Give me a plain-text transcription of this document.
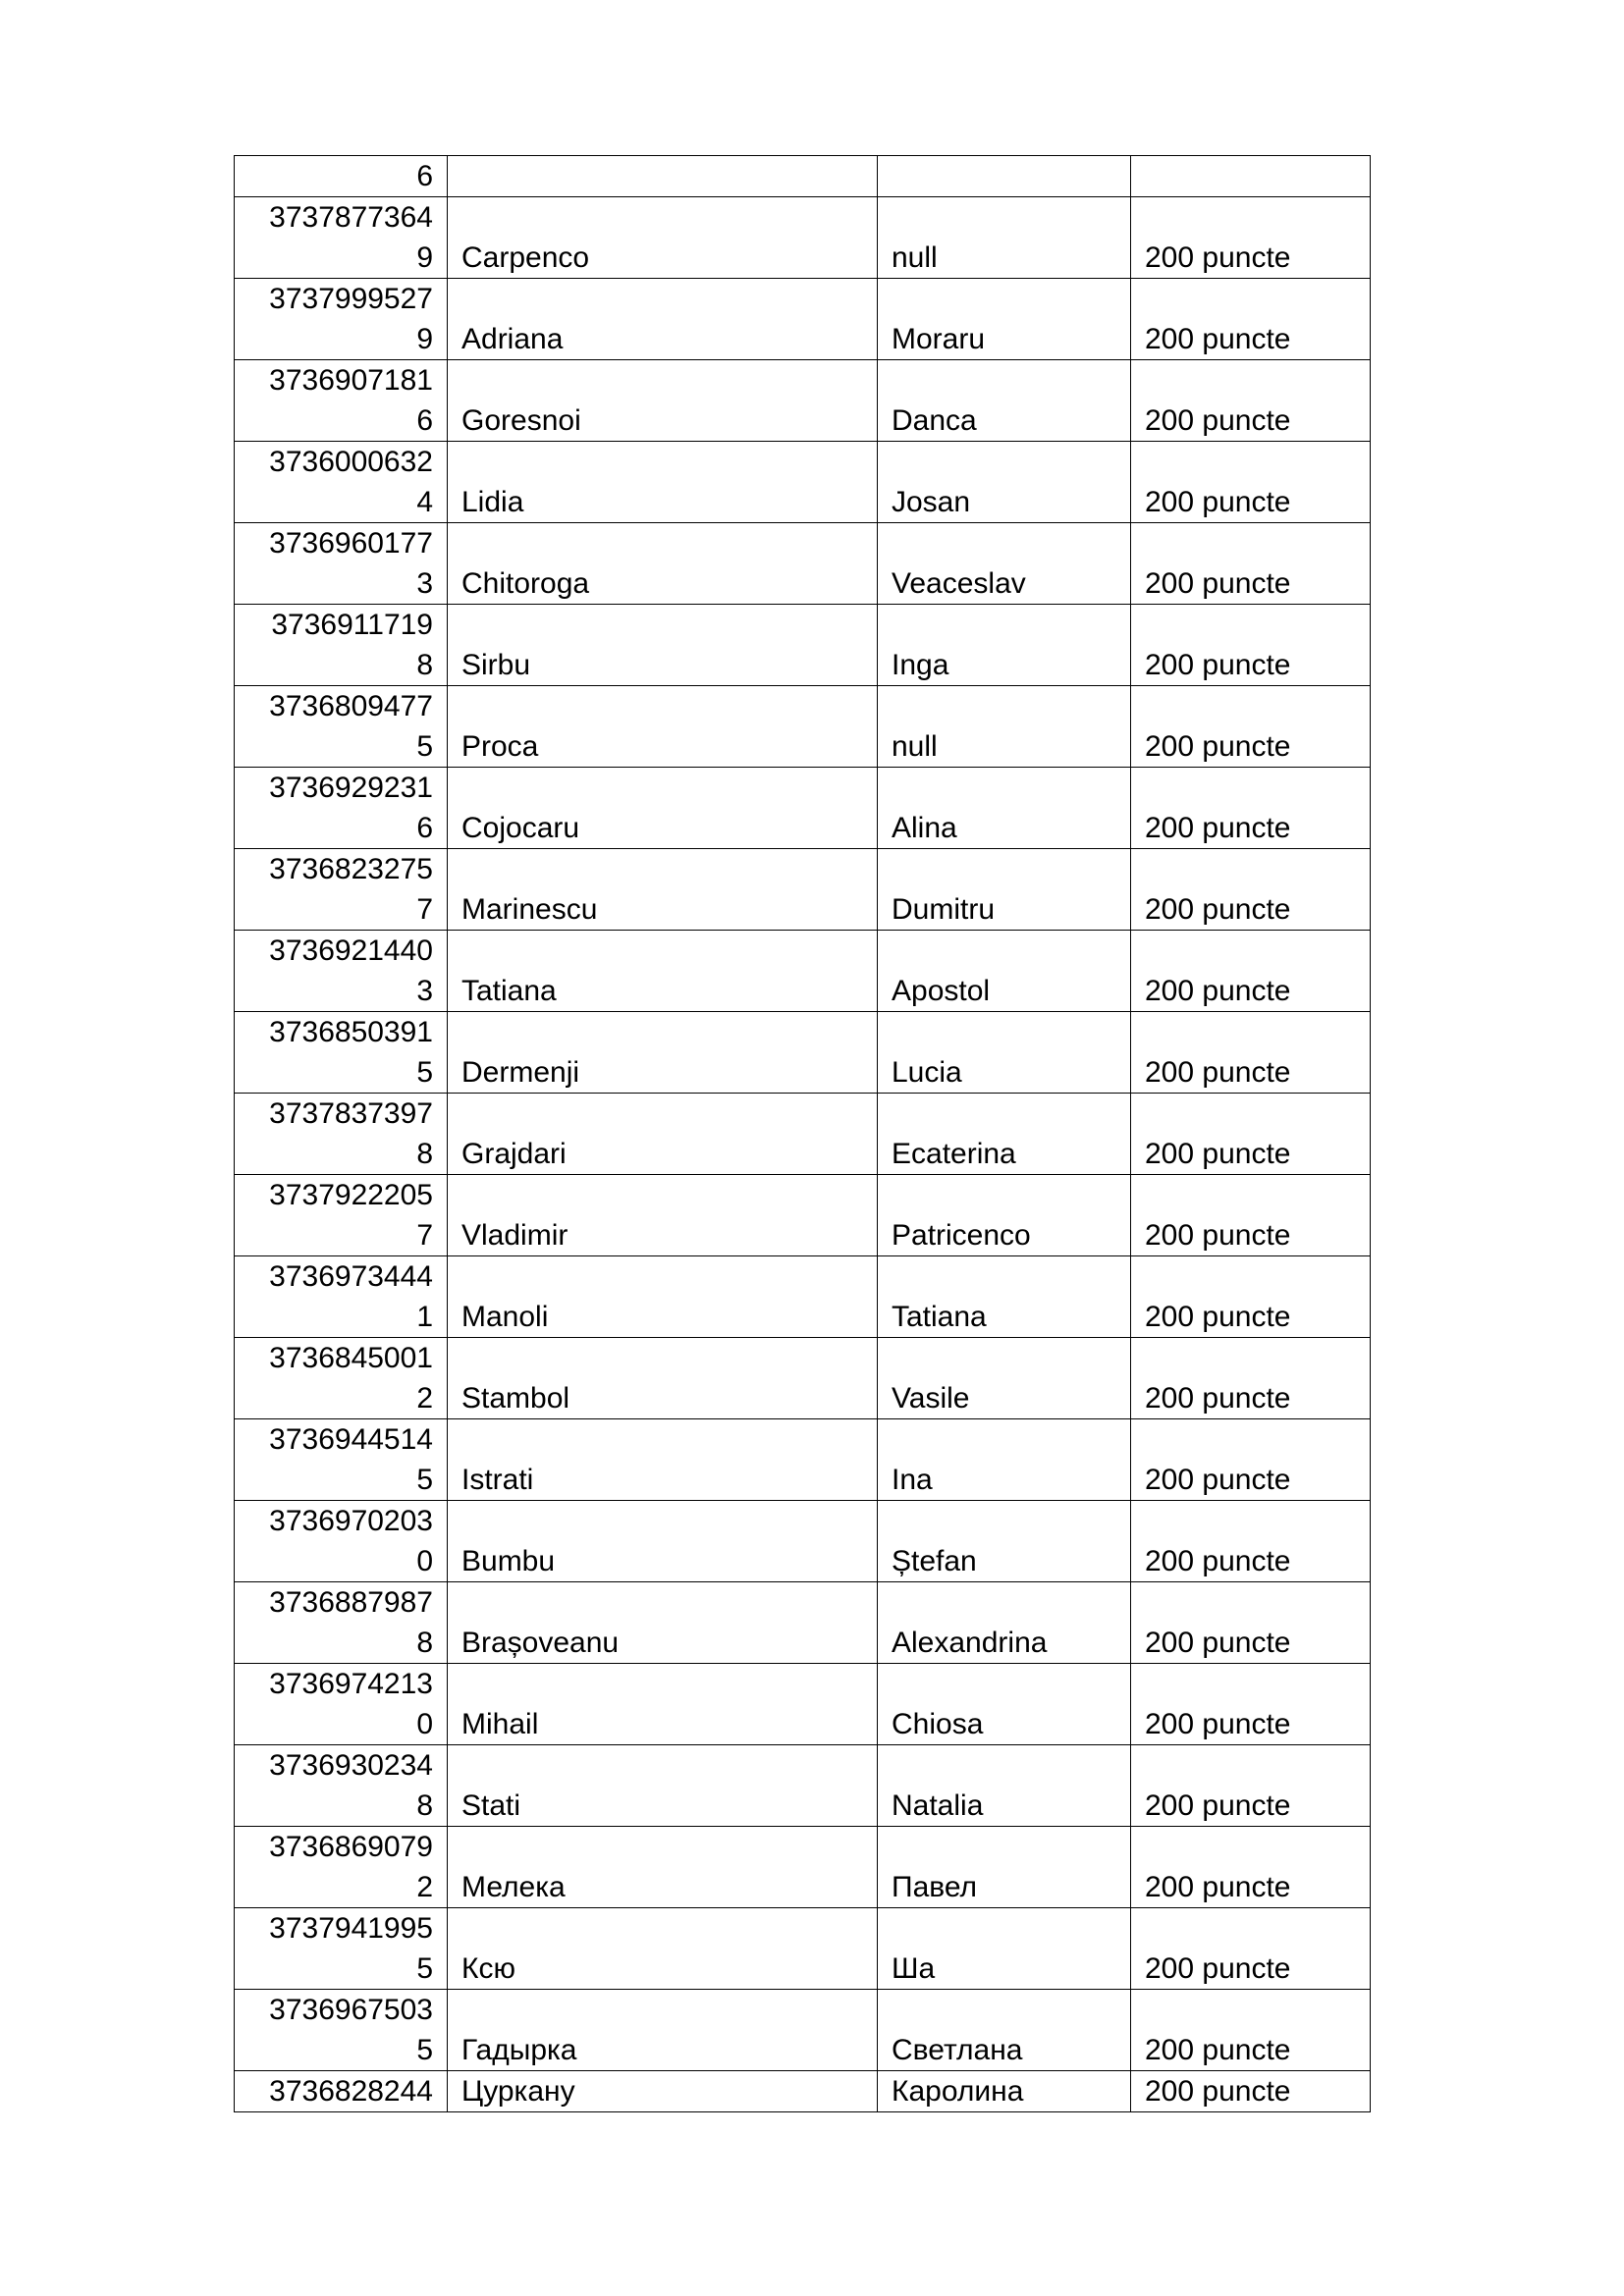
6			

3737877364
9	Carpenco	null	200 puncte

3737999527
9	Adriana	Moraru	200 puncte

3736907181
6	Goresnoi	Danca	200 puncte

3736000632
4	Lidia	Josan	200 puncte

3736960177
3	Chitoroga	Veaceslav	200 puncte

3736911719
8	Sirbu	Inga	200 puncte

3736809477
5	Proca	null	200 puncte

3736929231
6	Cojocaru	Alina	200 puncte

3736823275
7	Marinescu	Dumitru	200 puncte

3736921440
3	Tatiana	Apostol	200 puncte

3736850391
5	Dermenji	Lucia	200 puncte

3737837397
8	Grajdari	Ecaterina	200 puncte

3737922205
7	Vladimir	Patricenco	200 puncte

3736973444
1	Manoli	Tatiana	200 puncte

3736845001
2	Stambol	Vasile	200 puncte

3736944514
5	Istrati	Ina	200 puncte

3736970203
0	Bumbu	Ștefan	200 puncte

3736887987
8	Brașoveanu	Alexandrina	200 puncte

3736974213
0	Mihail	Chiosa	200 puncte

3736930234
8	Stati	Natalia	200 puncte

3736869079
2	Мелека	Павел	200 puncte

3737941995
5	Ксю	Ша	200 puncte

3736967503
5	Гадырка	Светлана	200 puncte
3736828244	Цуркану	Каролина	200 puncte
